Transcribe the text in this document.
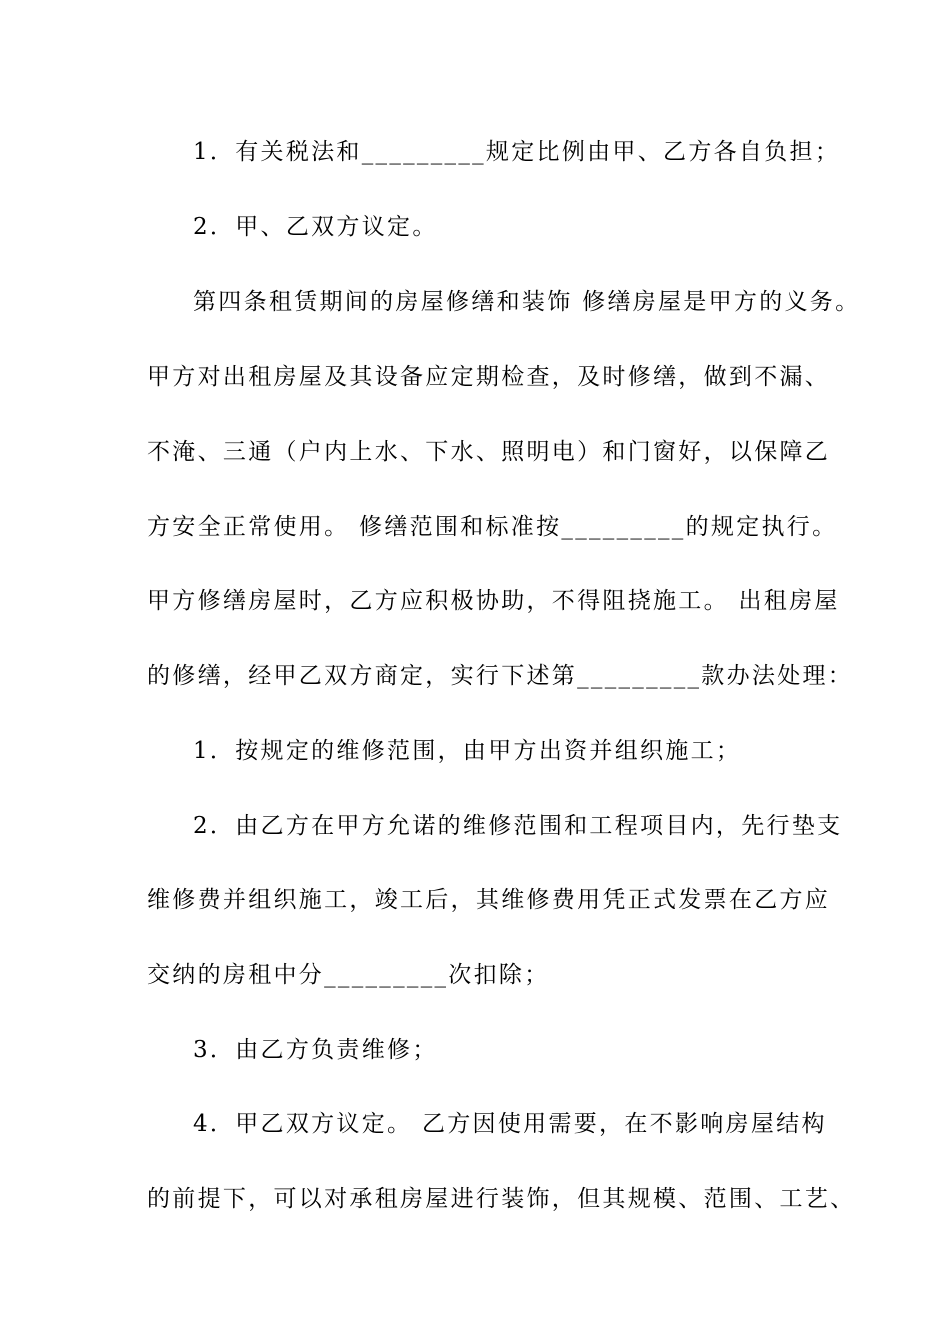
1．有关税法和_________规定比例由甲、乙方各自负担；

2．甲、乙双方议定。

第四条租赁期间的房屋修缮和装饰 修缮房屋是甲方的义务。

甲方对出租房屋及其设备应定期检查，及时修缮，做到不漏、

不淹、三通（户内上水、下水、照明电）和门窗好，以保障乙

方安全正常使用。 修缮范围和标准按_________的规定执行。

甲方修缮房屋时，乙方应积极协助，不得阻挠施工。 出租房屋

的修缮，经甲乙双方商定，实行下述第_________款办法处理：

1．按规定的维修范围，由甲方出资并组织施工；

2．由乙方在甲方允诺的维修范围和工程项目内，先行垫支

维修费并组织施工，竣工后，其维修费用凭正式发票在乙方应

交纳的房租中分_________次扣除；

3．由乙方负责维修；

4．甲乙双方议定。 乙方因使用需要，在不影响房屋结构

的前提下，可以对承租房屋进行装饰，但其规模、范围、工艺、
